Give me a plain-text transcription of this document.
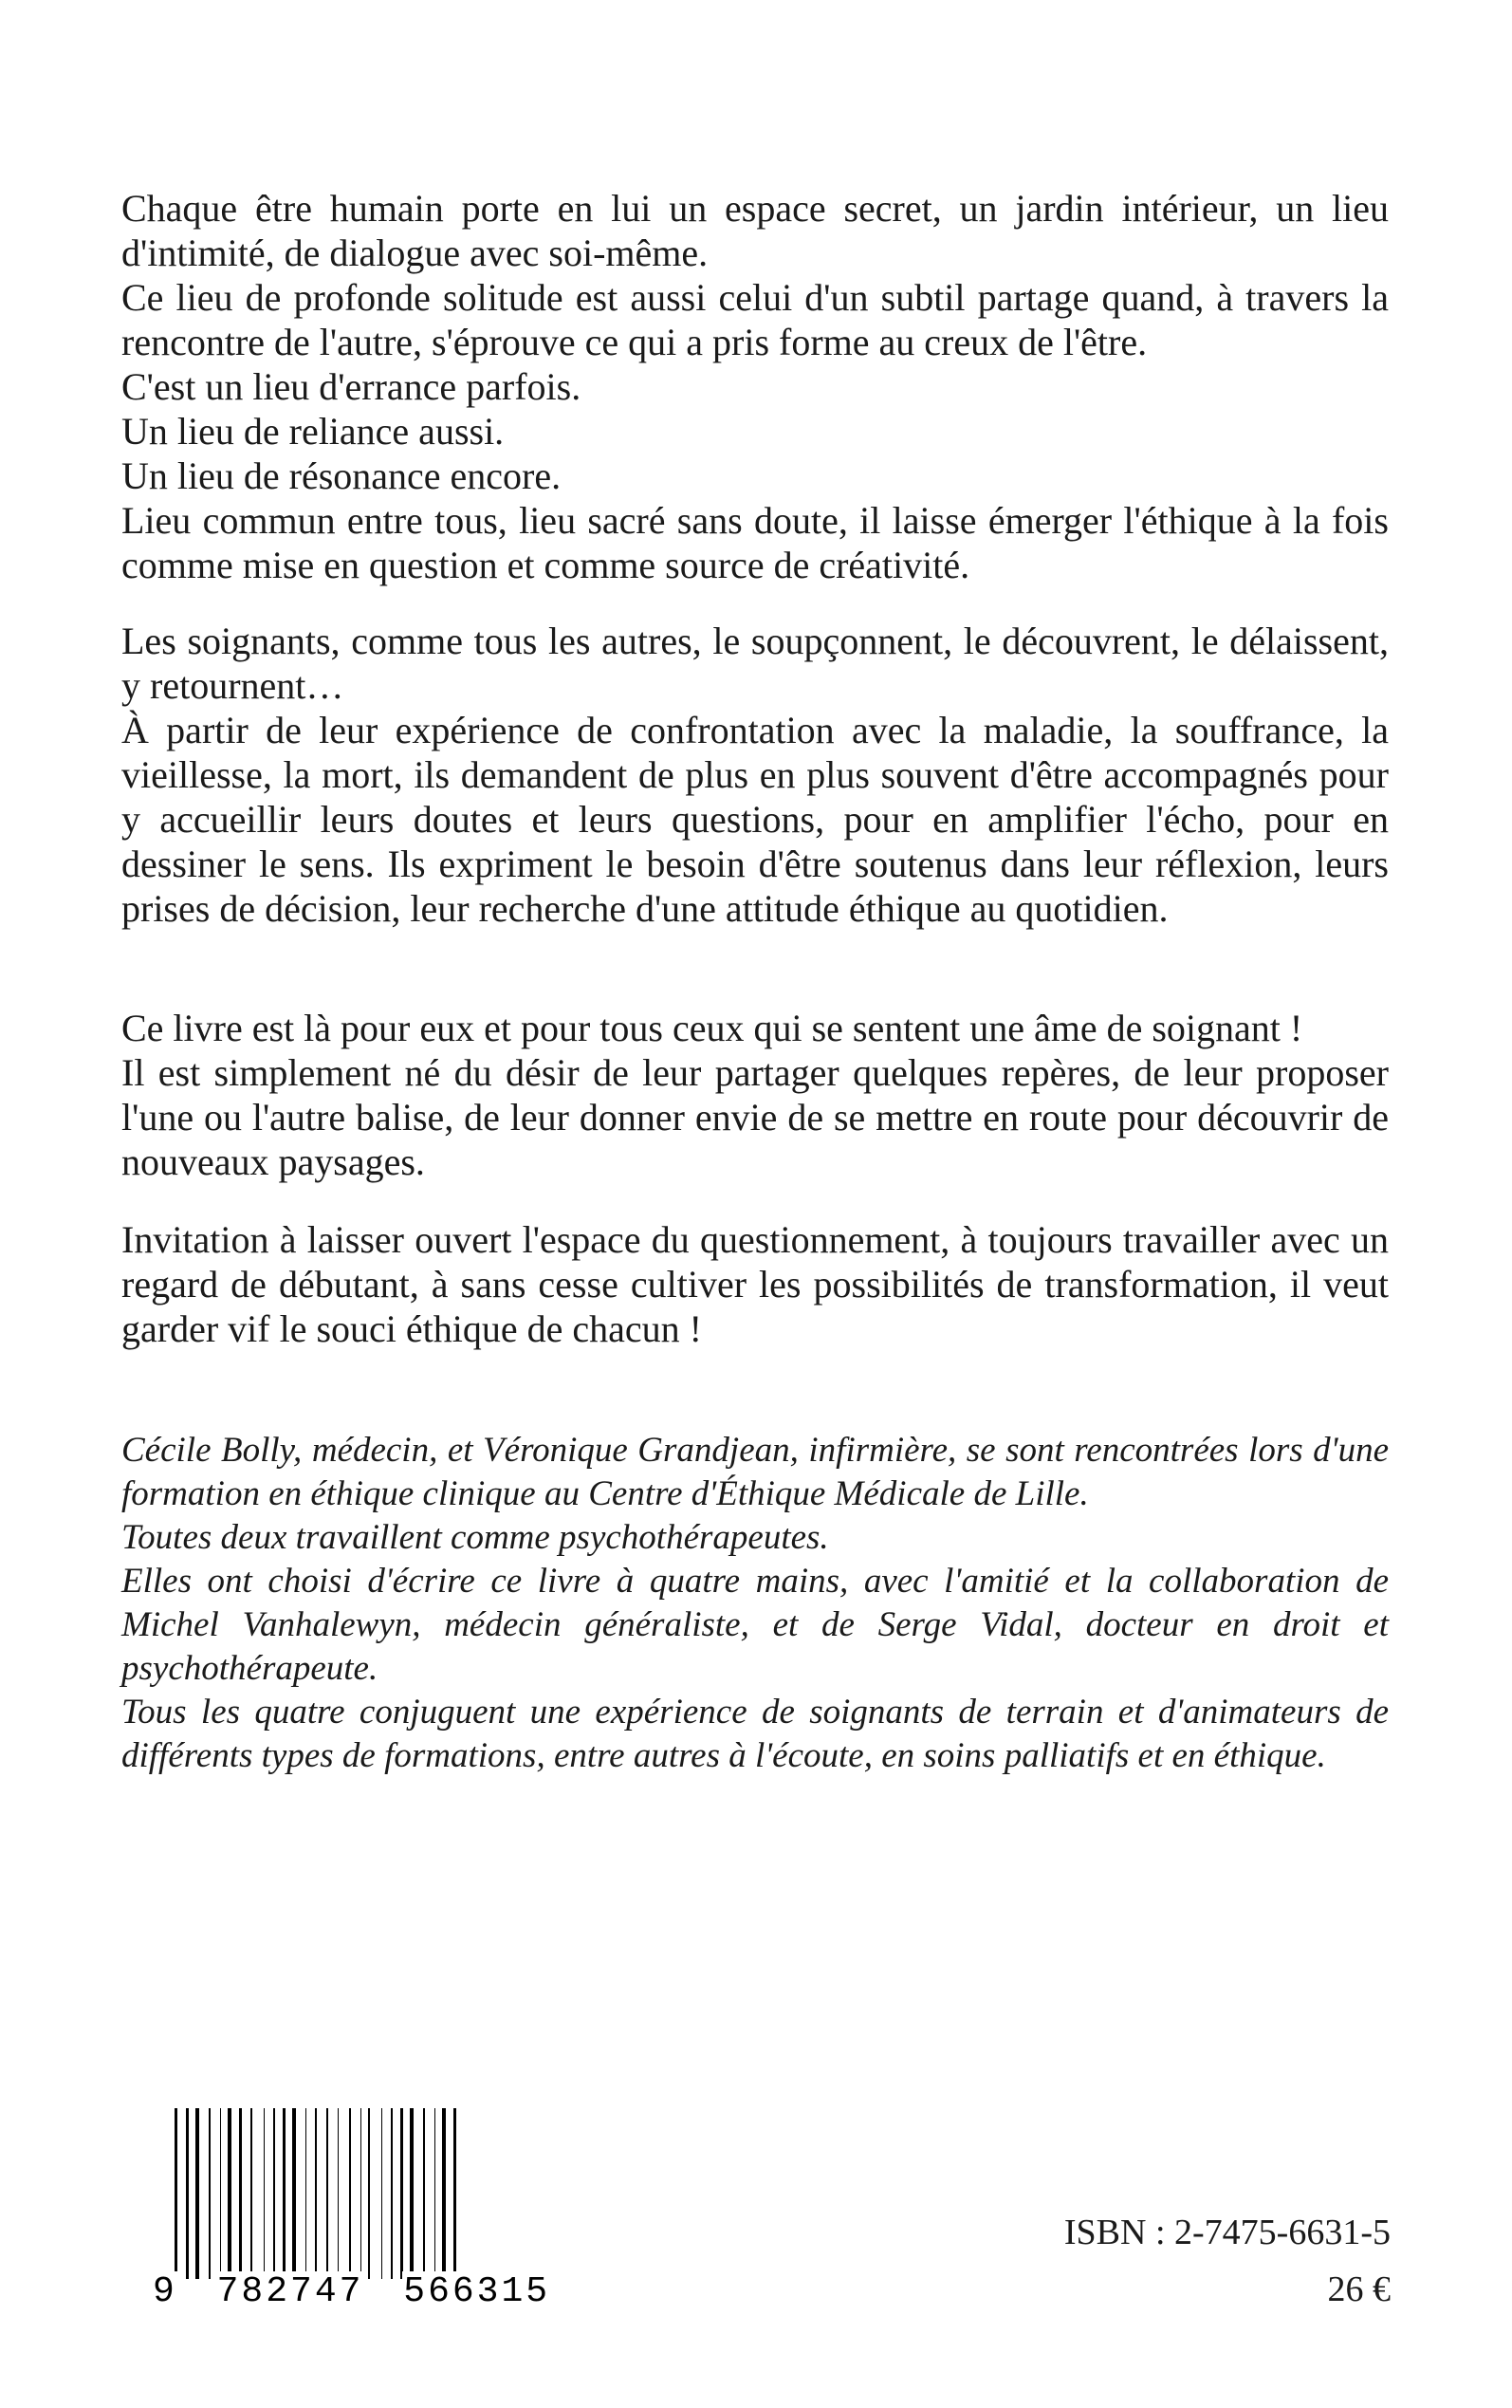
Chaque être humain porte en lui un espace secret, un jardin intérieur, un lieu d'intimité, de dialogue avec soi-même.

Ce lieu de profonde solitude est aussi celui d'un subtil partage quand, à travers la rencontre de l'autre, s'éprouve ce qui a pris forme au creux de l'être.

C'est un lieu d'errance parfois.

Un lieu de reliance aussi.

Un lieu de résonance encore.

Lieu commun entre tous, lieu sacré sans doute, il laisse émerger l'éthique à la fois comme mise en question et comme source de créativité.

Les soignants, comme tous les autres, le soupçonnent, le découvrent, le délaissent, y retournent…

À partir de leur expérience de confrontation avec la maladie, la souffrance, la vieillesse, la mort, ils demandent de plus en plus souvent d'être accompagnés pour y accueillir leurs doutes et leurs questions, pour en amplifier l'écho, pour en dessiner le sens. Ils expriment le besoin d'être soutenus dans leur réflexion, leurs prises de décision, leur recherche d'une attitude éthique au quotidien.

Ce livre est là pour eux et pour tous ceux qui se sentent une âme de soignant !

Il est simplement né du désir de leur partager quelques repères, de leur proposer l'une ou l'autre balise, de leur donner envie de se mettre en route pour découvrir de nouveaux paysages.

Invitation à laisser ouvert l'espace du questionnement, à toujours travailler avec un regard de débutant, à sans cesse cultiver les possibilités de transformation, il veut garder vif le souci éthique de chacun !

Cécile Bolly, médecin, et Véronique Grandjean, infirmière, se sont rencontrées lors d'une formation en éthique clinique au Centre d'Éthique Médicale de Lille.

Toutes deux travaillent comme psychothérapeutes.

Elles ont choisi d'écrire ce livre à quatre mains, avec l'amitié et la collaboration de Michel Vanhalewyn, médecin généraliste, et de Serge Vidal, docteur en droit et psychothérapeute.

Tous les quatre conjuguent une expérience de soignants de terrain et d'animateurs de différents types de formations, entre autres à l'écoute, en soins palliatifs et en éthique.

9 782747 566315
ISBN : 2-7475-6631-5
26 €
